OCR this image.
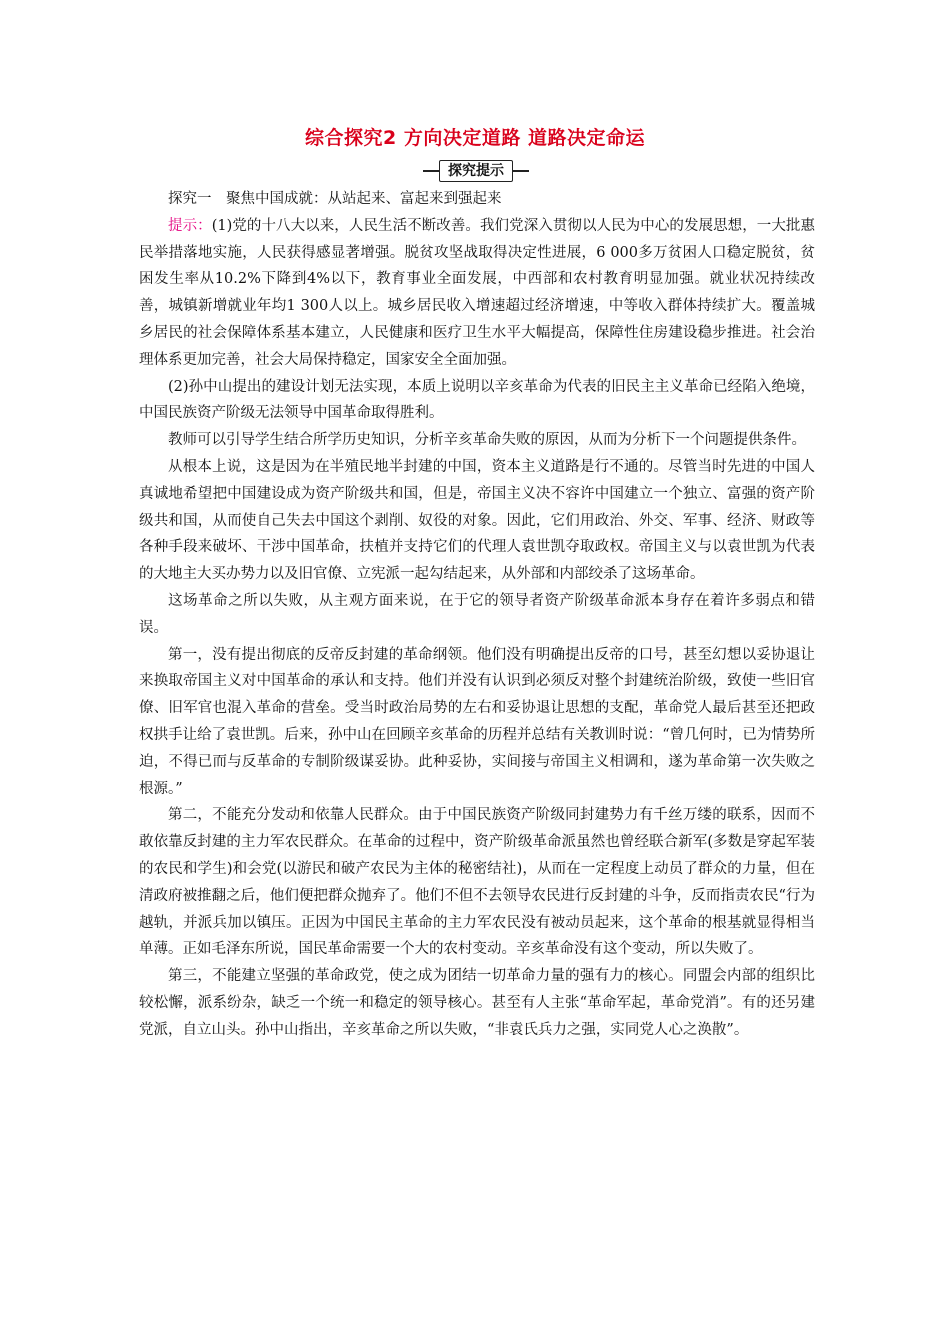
综合探究2 方向决定道路 道路决定命运
探究提示

探究一　聚焦中国成就：从站起来、富起来到强起来

提示：(1)党的十八大以来，人民生活不断改善。我们党深入贯彻以人民为中心的发展思想，一大批惠民举措落地实施，人民获得感显著增强。脱贫攻坚战取得决定性进展，6 000多万贫困人口稳定脱贫，贫困发生率从10.2%下降到4%以下，教育事业全面发展，中西部和农村教育明显加强。就业状况持续改善，城镇新增就业年均1 300人以上。城乡居民收入增速超过经济增速，中等收入群体持续扩大。覆盖城乡居民的社会保障体系基本建立，人民健康和医疗卫生水平大幅提高，保障性住房建设稳步推进。社会治理体系更加完善，社会大局保持稳定，国家安全全面加强。

(2)孙中山提出的建设计划无法实现，本质上说明以辛亥革命为代表的旧民主主义革命已经陷入绝境，中国民族资产阶级无法领导中国革命取得胜利。

教师可以引导学生结合所学历史知识，分析辛亥革命失败的原因，从而为分析下一个问题提供条件。

从根本上说，这是因为在半殖民地半封建的中国，资本主义道路是行不通的。尽管当时先进的中国人真诚地希望把中国建设成为资产阶级共和国，但是，帝国主义决不容许中国建立一个独立、富强的资产阶级共和国，从而使自己失去中国这个剥削、奴役的对象。因此，它们用政治、外交、军事、经济、财政等各种手段来破坏、干涉中国革命，扶植并支持它们的代理人袁世凯夺取政权。帝国主义与以袁世凯为代表的大地主大买办势力以及旧官僚、立宪派一起勾结起来，从外部和内部绞杀了这场革命。

这场革命之所以失败，从主观方面来说，在于它的领导者资产阶级革命派本身存在着许多弱点和错误。

第一，没有提出彻底的反帝反封建的革命纲领。他们没有明确提出反帝的口号，甚至幻想以妥协退让来换取帝国主义对中国革命的承认和支持。他们并没有认识到必须反对整个封建统治阶级，致使一些旧官僚、旧军官也混入革命的营垒。受当时政治局势的左右和妥协退让思想的支配，革命党人最后甚至还把政权拱手让给了袁世凯。后来，孙中山在回顾辛亥革命的历程并总结有关教训时说：“曾几何时，已为情势所迫，不得已而与反革命的专制阶级谋妥协。此种妥协，实间接与帝国主义相调和，遂为革命第一次失败之根源。”

第二，不能充分发动和依靠人民群众。由于中国民族资产阶级同封建势力有千丝万缕的联系，因而不敢依靠反封建的主力军农民群众。在革命的过程中，资产阶级革命派虽然也曾经联合新军(多数是穿起军装的农民和学生)和会党(以游民和破产农民为主体的秘密结社)，从而在一定程度上动员了群众的力量，但在清政府被推翻之后，他们便把群众抛弃了。他们不但不去领导农民进行反封建的斗争，反而指责农民“行为越轨，并派兵加以镇压。正因为中国民主革命的主力军农民没有被动员起来，这个革命的根基就显得相当单薄。正如毛泽东所说，国民革命需要一个大的农村变动。辛亥革命没有这个变动，所以失败了。

第三，不能建立坚强的革命政党，使之成为团结一切革命力量的强有力的核心。同盟会内部的组织比较松懈，派系纷杂，缺乏一个统一和稳定的领导核心。甚至有人主张“革命军起，革命党消”。有的还另建党派，自立山头。孙中山指出，辛亥革命之所以失败，“非袁氏兵力之强，实同党人心之涣散”。
